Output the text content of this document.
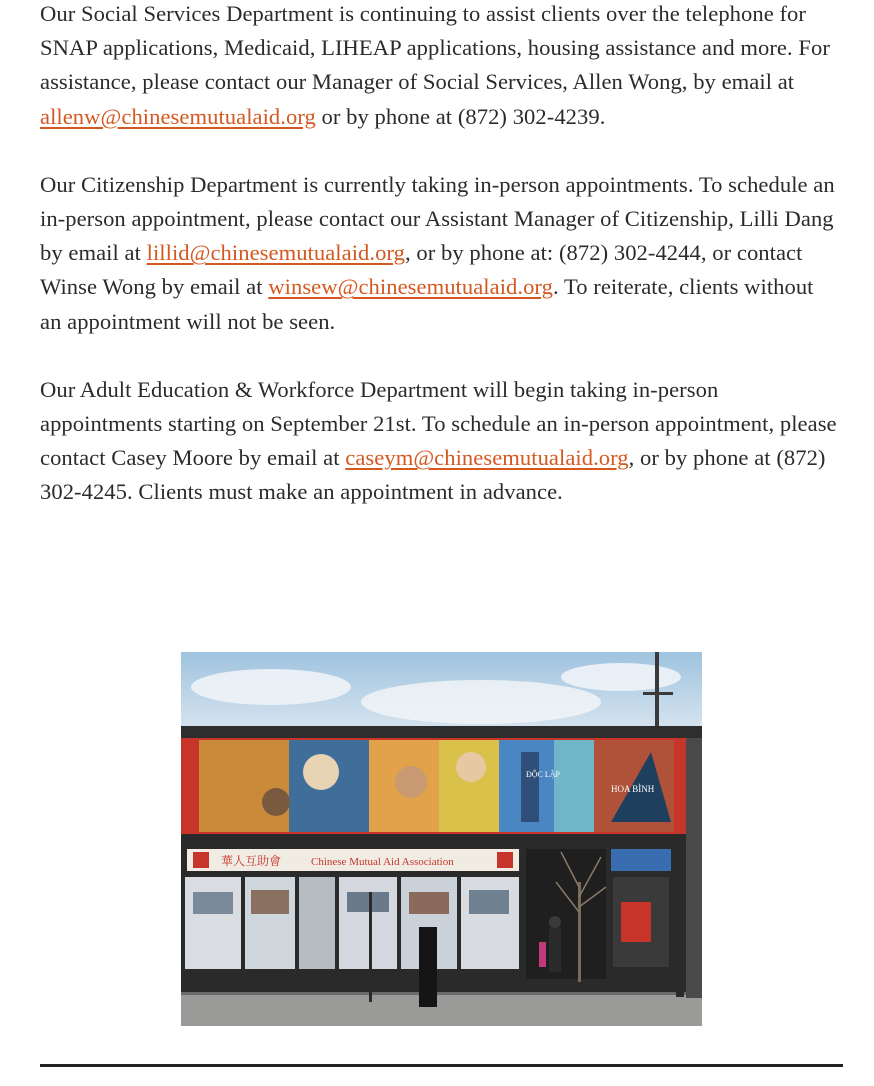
Our Social Services Department is continuing to assist clients over the telephone for SNAP applications, Medicaid, LIHEAP applications, housing assistance and more. For assistance, please contact our Manager of Social Services, Allen Wong, by email at allenw@chinesemutualaid.org or by phone at (872) 302-4239.

Our Citizenship Department is currently taking in-person appointments. To schedule an in-person appointment, please contact our Assistant Manager of Citizenship, Lilli Dang by email at lillid@chinesemutualaid.org, or by phone at: (872) 302-4244, or contact Winse Wong by email at winsew@chinesemutualaid.org. To reiterate, clients without an appointment will not be seen.

Our Adult Education & Workforce Department will begin taking in-person appointments starting on September 21st. To schedule an in-person appointment, please contact Casey Moore by email at caseym@chinesemutualaid.org, or by phone at (872) 302-4245. Clients must make an appointment in advance.

HOA BÌNH
ĐỘC LẬP
華人互助會	Chinese Mutual Aid Association
